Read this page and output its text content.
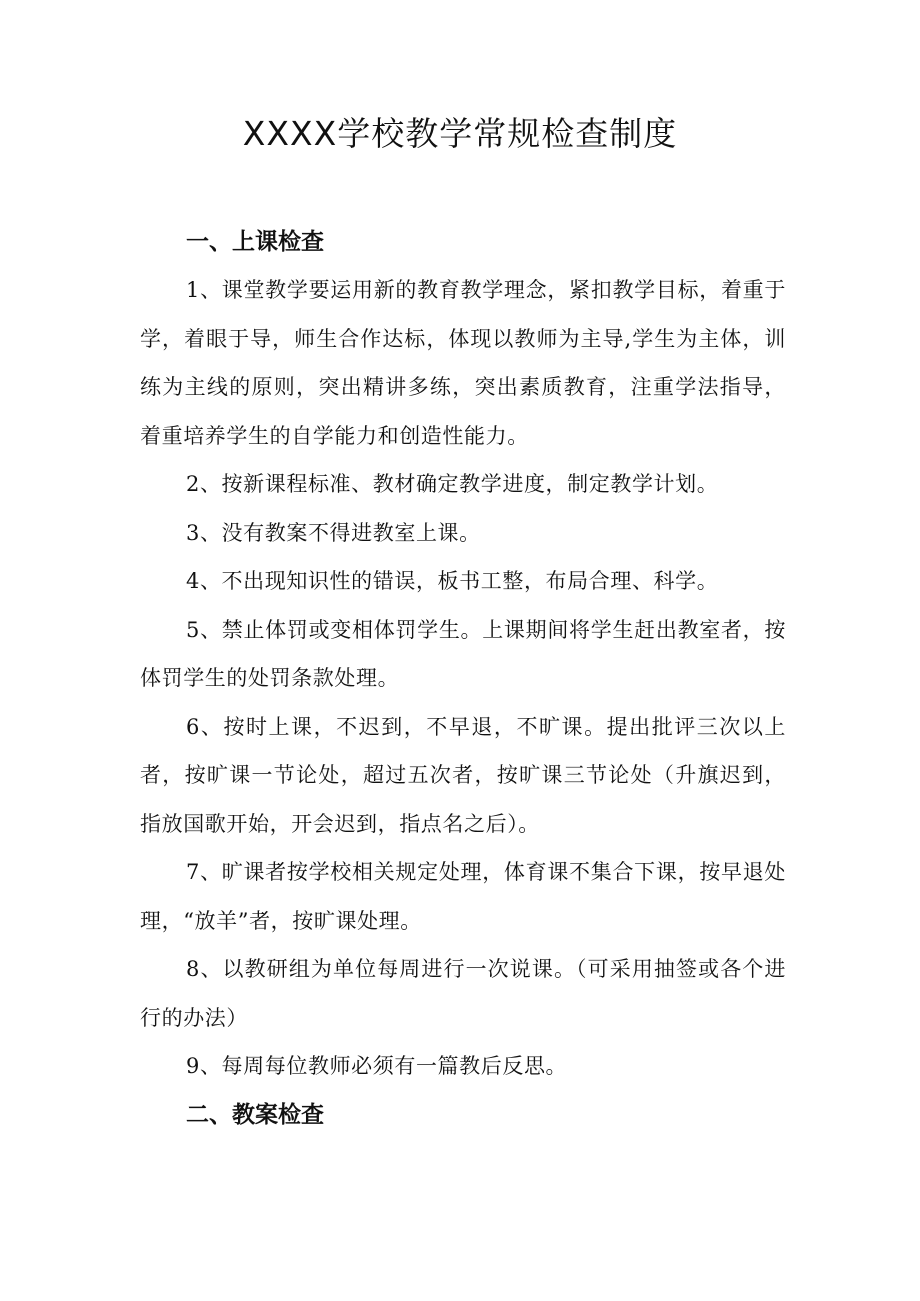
XXXX学校教学常规检查制度
一、上课检查

1、课堂教学要运用新的教育教学理念，紧扣教学目标，着重于学，着眼于导，师生合作达标，体现以教师为主导,学生为主体，训练为主线的原则，突出精讲多练，突出素质教育，注重学法指导，着重培养学生的自学能力和创造性能力。

2、按新课程标准、教材确定教学进度，制定教学计划。

3、没有教案不得进教室上课。

4、不出现知识性的错误，板书工整，布局合理、科学。

5、禁止体罚或变相体罚学生。上课期间将学生赶出教室者，按体罚学生的处罚条款处理。

6、按时上课，不迟到，不早退，不旷课。提出批评三次以上者，按旷课一节论处，超过五次者，按旷课三节论处（升旗迟到，指放国歌开始，开会迟到，指点名之后）。

7、旷课者按学校相关规定处理，体育课不集合下课，按早退处理，“放羊”者，按旷课处理。

8、以教研组为单位每周进行一次说课。（可采用抽签或各个进行的办法）

9、每周每位教师必须有一篇教后反思。

二、教案检查
